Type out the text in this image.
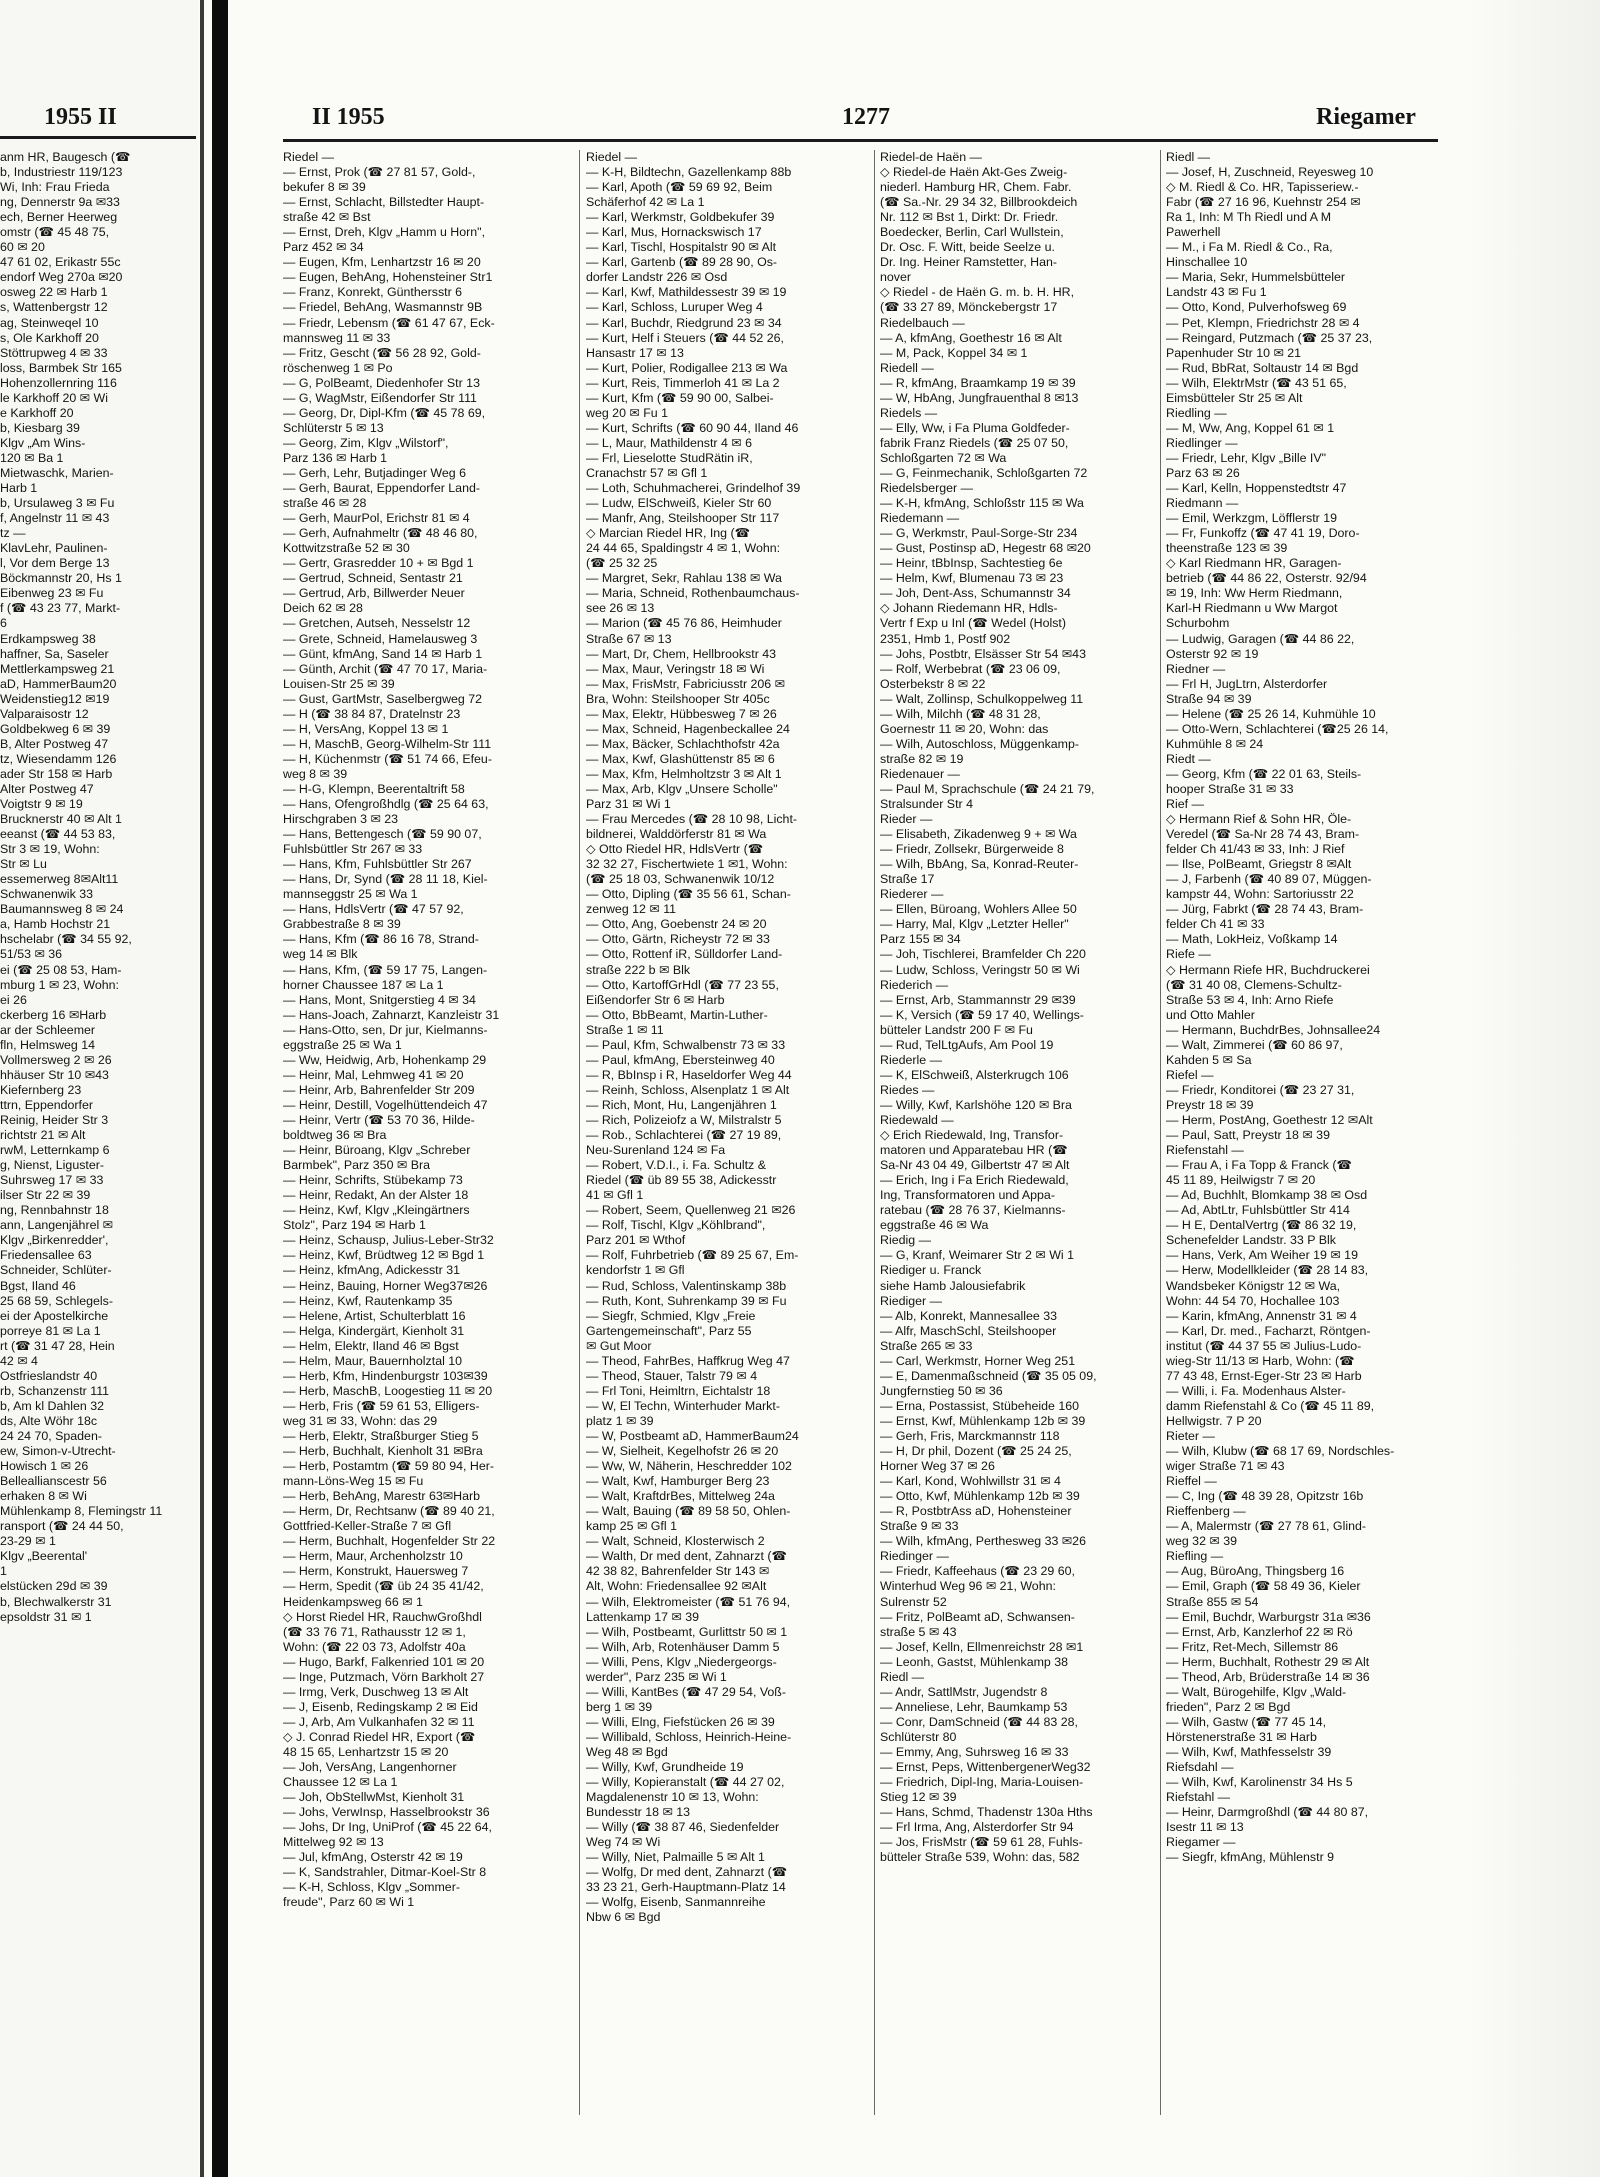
1955 II
anm HR, Baugesch (☎
b, Industriestr 119/123
Wi, Inh: Frau Frieda
ng, Dennerstr 9a ✉33
ech, Berner Heerweg
omstr (☎ 45 48 75,
60 ✉ 20
47 61 02, Erikastr 55c
endorf Weg 270a ✉20
osweg 22 ✉ Harb 1
s, Wattenbergstr 12
ag, Steinweqel 10
s, Ole Karkhoff 20
Stöttrupweg 4 ✉ 33
loss, Barmbek Str 165
Hohenzollernring 116
le Karkhoff 20 ✉ Wi
e Karkhoff 20
b, Kiesbarg 39
Klgv „Am Wins-
120 ✉ Ba 1
Mietwaschk, Marien-
Harb 1
b, Ursulaweg 3 ✉ Fu
f, Angelnstr 11 ✉ 43
tz —
KlavLehr, Paulinen-
l, Vor dem Berge 13
Böckmannstr 20, Hs 1
Eibenweg 23 ✉ Fu
f (☎ 43 23 77, Markt-
6
Erdkampsweg 38
haffner, Sa, Saseler
Mettlerkampsweg 21
aD, HammerBaum20
Weidenstieg12 ✉19
Valparaisostr 12
Goldbekweg 6 ✉ 39
B, Alter Postweg 47
tz, Wiesendamm 126
ader Str 158 ✉ Harb
Alter Postweg 47
Voigtstr 9 ✉ 19
Brucknerstr 40 ✉ Alt 1
eeanst (☎ 44 53 83,
Str 3 ✉ 19, Wohn:
Str ✉ Lu
essemerweg 8✉Alt11
Schwanenwik 33
Baumannsweg 8 ✉ 24
a, Hamb Hochstr 21
hschelabr (☎ 34 55 92,
51/53 ✉ 36
ei (☎ 25 08 53, Ham-
mburg 1 ✉ 23, Wohn:
ei 26
ckerberg 16 ✉Harb
ar der Schleemer
fln, Helmsweg 14
Vollmersweg 2 ✉ 26
hhäuser Str 10 ✉43
Kiefernberg 23
ttrn, Eppendorfer
Reinig, Heider Str 3
richtstr 21 ✉ Alt
rwM, Letternkamp 6
g, Nienst, Liguster-
Suhrsweg 17 ✉ 33
ilser Str 22 ✉ 39
ng, Rennbahnstr 18
ann, Langenjährel ✉
Klgv „Birkenredder',
Friedensallee 63
Schneider, Schlüter-
Bgst, Iland 46
25 68 59, Schlegels-
ei der Apostelkirche
porreye 81 ✉ La 1
rt (☎ 31 47 28, Hein
42 ✉ 4
Ostfrieslandstr 40
rb, Schanzenstr 111
b, Am kl Dahlen 32
ds, Alte Wöhr 18c
24 24 70, Spaden-
ew, Simon-v-Utrecht-
Howisch 1 ✉ 26
Belleallianscestr 56
erhaken 8 ✉ Wi
Mühlenkamp 8, Flemingstr 11
ransport (☎ 24 44 50,
23-29 ✉ 1
Klgv „Beerental'
1
elstücken 29d ✉ 39
b, Blechwalkerstr 31
epsoldstr 31 ✉ 1
II 1955	1277	Riegamer
Riedel —
— Ernst, Prok (☎ 27 81 57, Gold-,
bekufer 8 ✉ 39
— Ernst, Schlacht, Billstedter Haupt-
straße 42 ✉ Bst
— Ernst, Dreh, Klgv „Hamm u Horn",
Parz 452 ✉ 34
— Eugen, Kfm, Lenhartzstr 16 ✉ 20
— Eugen, BehAng, Hohensteiner Str1
— Franz, Konrekt, Günthersstr 6
— Friedel, BehAng, Wasmannstr 9B
— Friedr, Lebensm (☎ 61 47 67, Eck-
mannsweg 11 ✉ 33
— Fritz, Gescht (☎ 56 28 92, Gold-
röschenweg 1 ✉ Po
— G, PolBeamt, Diedenhofer Str 13
— G, WagMstr, Eißendorfer Str 111
— Georg, Dr, Dipl-Kfm (☎ 45 78 69,
Schlüterstr 5 ✉ 13
— Georg, Zim, Klgv „Wilstorf",
Parz 136 ✉ Harb 1
— Gerh, Lehr, Butjadinger Weg 6
— Gerh, Baurat, Eppendorfer Land-
straße 46 ✉ 28
— Gerh, MaurPol, Erichstr 81 ✉ 4
— Gerh, Aufnahmeltr (☎ 48 46 80,
Kottwitzstraße 52 ✉ 30
— Gertr, Grasredder 10 + ✉ Bgd 1
— Gertrud, Schneid, Sentastr 21
— Gertrud, Arb, Billwerder Neuer
Deich 62 ✉ 28
— Gretchen, Autseh, Nesselstr 12
— Grete, Schneid, Hamelausweg 3
— Günt, kfmAng, Sand 14 ✉ Harb 1
— Günth, Archit (☎ 47 70 17, Maria-
Louisen-Str 25 ✉ 39
— Gust, GartMstr, Saselbergweg 72
— H (☎ 38 84 87, Dratelnstr 23
— H, VersAng, Koppel 13 ✉ 1
— H, MaschB, Georg-Wilhelm-Str 111
— H, Küchenmstr (☎ 51 74 66, Efeu-
weg 8 ✉ 39
— H-G, Klempn, Beerentaltrift 58
— Hans, Ofengroßhdlg (☎ 25 64 63,
Hirschgraben 3 ✉ 23
— Hans, Bettengesch (☎ 59 90 07,
Fuhlsbüttler Str 267 ✉ 33
— Hans, Kfm, Fuhlsbüttler Str 267
— Hans, Dr, Synd (☎ 28 11 18, Kiel-
mannseggstr 25 ✉ Wa 1
— Hans, HdlsVertr (☎ 47 57 92,
Grabbestraße 8 ✉ 39
— Hans, Kfm (☎ 86 16 78, Strand-
weg 14 ✉ Blk
— Hans, Kfm, (☎ 59 17 75, Langen-
horner Chaussee 187 ✉ La 1
— Hans, Mont, Snitgerstieg 4 ✉ 34
— Hans-Joach, Zahnarzt, Kanzleistr 31
— Hans-Otto, sen, Dr jur, Kielmanns-
eggstraße 25 ✉ Wa 1
— Ww, Heidwig, Arb, Hohenkamp 29
— Heinr, Mal, Lehmweg 41 ✉ 20
— Heinr, Arb, Bahrenfelder Str 209
— Heinr, Destill, Vogelhüttendeich 47
— Heinr, Vertr (☎ 53 70 36, Hilde-
boldtweg 36 ✉ Bra
— Heinr, Büroang, Klgv „Schreber
Barmbek", Parz 350 ✉ Bra
— Heinr, Schrifts, Stübekamp 73
— Heinr, Redakt, An der Alster 18
— Heinz, Kwf, Klgv „Kleingärtners
Stolz", Parz 194 ✉ Harb 1
— Heinz, Schausp, Julius-Leber-Str32
— Heinz, Kwf, Brüdtweg 12 ✉ Bgd 1
— Heinz, kfmAng, Adickesstr 31
— Heinz, Bauing, Horner Weg37✉26
— Heinz, Kwf, Rautenkamp 35
— Helene, Artist, Schulterblatt 16
— Helga, Kindergärt, Kienholt 31
— Helm, Elektr, Iland 46 ✉ Bgst
— Helm, Maur, Bauernholztal 10
— Herb, Kfm, Hindenburgstr 103✉39
— Herb, MaschB, Loogestieg 11 ✉ 20
— Herb, Fris (☎ 59 61 53, Elligers-
weg 31 ✉ 33, Wohn: das 29
— Herb, Elektr, Straßburger Stieg 5
— Herb, Buchhalt, Kienholt 31 ✉Bra
— Herb, Postamtm (☎ 59 80 94, Her-
mann-Löns-Weg 15 ✉ Fu
— Herb, BehAng, Marestr 63✉Harb
— Herm, Dr, Rechtsanw (☎ 89 40 21,
Gottfried-Keller-Straße 7 ✉ Gfl
— Herm, Buchhalt, Hogenfelder Str 22
— Herm, Maur, Archenholzstr 10
— Herm, Konstrukt, Hauersweg 7
— Herm, Spedit (☎ üb 24 35 41/42,
Heidenkampsweg 66 ✉ 1
◇ Horst Riedel HR, RauchwGroßhdl
(☎ 33 76 71, Rathausstr 12 ✉ 1,
Wohn: (☎ 22 03 73, Adolfstr 40a
— Hugo, Barkf, Falkenried 101 ✉ 20
— Inge, Putzmach, Vörn Barkholt 27
— Irmg, Verk, Duschweg 13 ✉ Alt
— J, Eisenb, Redingskamp 2 ✉ Eid
— J, Arb, Am Vulkanhafen 32 ✉ 11
◇ J. Conrad Riedel HR, Export (☎
48 15 65, Lenhartzstr 15 ✉ 20
— Joh, VersAng, Langenhorner
Chaussee 12 ✉ La 1
— Joh, ObStellwMst, Kienholt 31
— Johs, VerwInsp, Hasselbrookstr 36
— Johs, Dr Ing, UniProf (☎ 45 22 64,
Mittelweg 92 ✉ 13
— Jul, kfmAng, Osterstr 42 ✉ 19
— K, Sandstrahler, Ditmar-Koel-Str 8
— K-H, Schloss, Klgv „Sommer-
freude", Parz 60 ✉ Wi 1
Riedel —
— K-H, Bildtechn, Gazellenkamp 88b
— Karl, Apoth (☎ 59 69 92, Beim
Schäferhof 42 ✉ La 1
— Karl, Werkmstr, Goldbekufer 39
— Karl, Mus, Hornackswisch 17
— Karl, Tischl, Hospitalstr 90 ✉ Alt
— Karl, Gartenb (☎ 89 28 90, Os-
dorfer Landstr 226 ✉ Osd
— Karl, Kwf, Mathildessestr 39 ✉ 19
— Karl, Schloss, Luruper Weg 4
— Karl, Buchdr, Riedgrund 23 ✉ 34
— Kurt, Helf i Steuers (☎ 44 52 26,
Hansastr 17 ✉ 13
— Kurt, Polier, Rodigallee 213 ✉ Wa
— Kurt, Reis, Timmerloh 41 ✉ La 2
— Kurt, Kfm (☎ 59 90 00, Salbei-
weg 20 ✉ Fu 1
— Kurt, Schrifts (☎ 60 90 44, Iland 46
— L, Maur, Mathildenstr 4 ✉ 6
— Frl, Lieselotte StudRätin iR,
Cranachstr 57 ✉ Gfl 1
— Loth, Schuhmacherei, Grindelhof 39
— Ludw, ElSchweiß, Kieler Str 60
— Manfr, Ang, Steilshooper Str 117
◇ Marcian Riedel HR, Ing (☎
24 44 65, Spaldingstr 4 ✉ 1, Wohn:
(☎ 25 32 25
— Margret, Sekr, Rahlau 138 ✉ Wa
— Maria, Schneid, Rothenbaumchaus-
see 26 ✉ 13
— Marion (☎ 45 76 86, Heimhuder
Straße 67 ✉ 13
— Mart, Dr, Chem, Hellbrookstr 43
— Max, Maur, Veringstr 18 ✉ Wi
— Max, FrisMstr, Fabriciusstr 206 ✉
Bra, Wohn: Steilshooper Str 405c
— Max, Elektr, Hübbesweg 7 ✉ 26
— Max, Schneid, Hagenbeckallee 24
— Max, Bäcker, Schlachthofstr 42a
— Max, Kwf, Glashüttenstr 85 ✉ 6
— Max, Kfm, Helmholtzstr 3 ✉ Alt 1
— Max, Arb, Klgv „Unsere Scholle"
Parz 31 ✉ Wi 1
— Frau Mercedes (☎ 28 10 98, Licht-
bildnerei, Walddörferstr 81 ✉ Wa
◇ Otto Riedel HR, HdlsVertr (☎
32 32 27, Fischertwiete 1 ✉1, Wohn:
(☎ 25 18 03, Schwanenwik 10/12
— Otto, Dipling (☎ 35 56 61, Schan-
zenweg 12 ✉ 11
— Otto, Ang, Goebenstr 24 ✉ 20
— Otto, Gärtn, Richeystr 72 ✉ 33
— Otto, Rottenf iR, Sülldorfer Land-
straße 222 b ✉ Blk
— Otto, KartoffGrHdl (☎ 77 23 55,
Eißendorfer Str 6 ✉ Harb
— Otto, BbBeamt, Martin-Luther-
Straße 1 ✉ 11
— Paul, Kfm, Schwalbenstr 73 ✉ 33
— Paul, kfmAng, Ebersteinweg 40
— R, BbInsp i R, Haseldorfer Weg 44
— Reinh, Schloss, Alsenplatz 1 ✉ Alt
— Rich, Mont, Hu, Langenjähren 1
— Rich, Polizeiofz a W, Milstralstr 5
— Rob., Schlachterei (☎ 27 19 89,
Neu-Surenland 124 ✉ Fa
— Robert, V.D.I., i. Fa. Schultz &
Riedel (☎ üb 89 55 38, Adickesstr
41 ✉ Gfl 1
— Robert, Seem, Quellenweg 21 ✉26
— Rolf, Tischl, Klgv „Köhlbrand",
Parz 201 ✉ Wthof
— Rolf, Fuhrbetrieb (☎ 89 25 67, Em-
kendorfstr 1 ✉ Gfl
— Rud, Schloss, Valentinskamp 38b
— Ruth, Kont, Suhrenkamp 39 ✉ Fu
— Siegfr, Schmied, Klgv „Freie
Gartengemeinschaft", Parz 55
✉ Gut Moor
— Theod, FahrBes, Haffkrug Weg 47
— Theod, Stauer, Talstr 79 ✉ 4
— Frl Toni, Heimltrn, Eichtalstr 18
— W, El Techn, Winterhuder Markt-
platz 1 ✉ 39
— W, Postbeamt aD, HammerBaum24
— W, Sielheit, Kegelhofstr 26 ✉ 20
— Ww, W, Näherin, Heschredder 102
— Walt, Kwf, Hamburger Berg 23
— Walt, KraftdrBes, Mittelweg 24a
— Walt, Bauing (☎ 89 58 50, Ohlen-
kamp 25 ✉ Gfl 1
— Walt, Schneid, Klosterwisch 2
— Walth, Dr med dent, Zahnarzt (☎
42 38 82, Bahrenfelder Str 143 ✉
Alt, Wohn: Friedensallee 92 ✉Alt
— Wilh, Elektromeister (☎ 51 76 94,
Lattenkamp 17 ✉ 39
— Wilh, Postbeamt, Gurlittstr 50 ✉ 1
— Wilh, Arb, Rotenhäuser Damm 5
— Willi, Pens, Klgv „Niedergeorgs-
werder", Parz 235 ✉ Wi 1
— Willi, KantBes (☎ 47 29 54, Voß-
berg 1 ✉ 39
— Willi, Elng, Fiefstücken 26 ✉ 39
— Willibald, Schloss, Heinrich-Heine-
Weg 48 ✉ Bgd
— Willy, Kwf, Grundheide 19
— Willy, Kopieranstalt (☎ 44 27 02,
Magdalenenstr 10 ✉ 13, Wohn:
Bundesstr 18 ✉ 13
— Willy (☎ 38 87 46, Siedenfelder
Weg 74 ✉ Wi
— Willy, Niet, Palmaille 5 ✉ Alt 1
— Wolfg, Dr med dent, Zahnarzt (☎
33 23 21, Gerh-Hauptmann-Platz 14
— Wolfg, Eisenb, Sanmannreihe
Nbw 6 ✉ Bgd
Riedel-de Haën —
◇ Riedel-de Haën Akt-Ges Zweig-
niederl. Hamburg HR, Chem. Fabr.
(☎ Sa.-Nr. 29 34 32, Billbrookdeich
Nr. 112 ✉ Bst 1, Dirkt: Dr. Friedr.
Boedecker, Berlin, Carl Wullstein,
Dr. Osc. F. Witt, beide Seelze u.
Dr. Ing. Heiner Ramstetter, Han-
nover
◇ Riedel - de Haën G. m. b. H. HR,
(☎ 33 27 89, Mönckebergstr 17
Riedelbauch —
— A, kfmAng, Goethestr 16 ✉ Alt
— M, Pack, Koppel 34 ✉ 1
Riedell —
— R, kfmAng, Braamkamp 19 ✉ 39
— W, HbAng, Jungfrauenthal 8 ✉13
Riedels —
— Elly, Ww, i Fa Pluma Goldfeder-
fabrik Franz Riedels (☎ 25 07 50,
Schloßgarten 72 ✉ Wa
— G, Feinmechanik, Schloßgarten 72
Riedelsberger —
— K-H, kfmAng, Schloßstr 115 ✉ Wa
Riedemann —
— G, Werkmstr, Paul-Sorge-Str 234
— Gust, Postinsp aD, Hegestr 68 ✉20
— Heinr, tBbInsp, Sachtestieg 6e
— Helm, Kwf, Blumenau 73 ✉ 23
— Joh, Dent-Ass, Schumannstr 34
◇ Johann Riedemann HR, Hdls-
Vertr f Exp u Inl (☎ Wedel (Holst)
2351, Hmb 1, Postf 902
— Johs, Postbtr, Elsässer Str 54 ✉43
— Rolf, Werbebrat (☎ 23 06 09,
Osterbekstr 8 ✉ 22
— Walt, Zollinsp, Schulkoppelweg 11
— Wilh, Milchh (☎ 48 31 28,
Goernestr 11 ✉ 20, Wohn: das
— Wilh, Autoschloss, Müggenkamp-
straße 82 ✉ 19
Riedenauer —
— Paul M, Sprachschule (☎ 24 21 79,
Stralsunder Str 4
Rieder —
— Elisabeth, Zikadenweg 9 + ✉ Wa
— Friedr, Zollsekr, Bürgerweide 8
— Wilh, BbAng, Sa, Konrad-Reuter-
Straße 17
Riederer —
— Ellen, Büroang, Wohlers Allee 50
— Harry, Mal, Klgv „Letzter Heller"
Parz 155 ✉ 34
— Joh, Tischlerei, Bramfelder Ch 220
— Ludw, Schloss, Veringstr 50 ✉ Wi
Riederich —
— Ernst, Arb, Stammannstr 29 ✉39
— K, Versich (☎ 59 17 40, Wellings-
bütteler Landstr 200 F ✉ Fu
— Rud, TelLtgAufs, Am Pool 19
Riederle —
— K, ElSchweiß, Alsterkrugch 106
Riedes —
— Willy, Kwf, Karlshöhe 120 ✉ Bra
Riedewald —
◇ Erich Riedewald, Ing, Transfor-
matoren und Apparatebau HR (☎
Sa-Nr 43 04 49, Gilbertstr 47 ✉ Alt
— Erich, Ing i Fa Erich Riedewald,
Ing, Transformatoren und Appa-
ratebau (☎ 28 76 37, Kielmanns-
eggstraße 46 ✉ Wa
Riedig —
— G, Kranf, Weimarer Str 2 ✉ Wi 1
Riediger u. Franck
siehe Hamb Jalousiefabrik
Riediger —
— Alb, Konrekt, Mannesallee 33
— Alfr, MaschSchl, Steilshooper
Straße 265 ✉ 33
— Carl, Werkmstr, Horner Weg 251
— E, Damenmaßschneid (☎ 35 05 09,
Jungfernstieg 50 ✉ 36
— Erna, Postassist, Stübeheide 160
— Ernst, Kwf, Mühlenkamp 12b ✉ 39
— Gerh, Fris, Marckmannstr 118
— H, Dr phil, Dozent (☎ 25 24 25,
Horner Weg 37 ✉ 26
— Karl, Kond, Wohlwillstr 31 ✉ 4
— Otto, Kwf, Mühlenkamp 12b ✉ 39
— R, PostbtrAss aD, Hohensteiner
Straße 9 ✉ 33
— Wilh, kfmAng, Perthesweg 33 ✉26
Riedinger —
— Friedr, Kaffeehaus (☎ 23 29 60,
Winterhud Weg 96 ✉ 21, Wohn:
Sulrenstr 52
— Fritz, PolBeamt aD, Schwansen-
straße 5 ✉ 43
— Josef, Kelln, Ellmenreichstr 28 ✉1
— Leonh, Gastst, Mühlenkamp 38
Riedl —
— Andr, SattlMstr, Jugendstr 8
— Anneliese, Lehr, Baumkamp 53
— Conr, DamSchneid (☎ 44 83 28,
Schlüterstr 80
— Emmy, Ang, Suhrsweg 16 ✉ 33
— Ernst, Peps, WittenbergenerWeg32
— Friedrich, Dipl-Ing, Maria-Louisen-
Stieg 12 ✉ 39
— Hans, Schmd, Thadenstr 130a Hths
— Frl Irma, Ang, Alsterdorfer Str 94
— Jos, FrisMstr (☎ 59 61 28, Fuhls-
bütteler Straße 539, Wohn: das, 582
Riedl —
— Josef, H, Zuschneid, Reyesweg 10
◇ M. Riedl & Co. HR, Tapisseriew.-
Fabr (☎ 27 16 96, Kuehnstr 254 ✉
Ra 1, Inh: M Th Riedl und A M
Pawerhell
— M., i Fa M. Riedl & Co., Ra,
Hinschallee 10
— Maria, Sekr, Hummelsbütteler
Landstr 43 ✉ Fu 1
— Otto, Kond, Pulverhofsweg 69
— Pet, Klempn, Friedrichstr 28 ✉ 4
— Reingard, Putzmach (☎ 25 37 23,
Papenhuder Str 10 ✉ 21
— Rud, BbRat, Soltaustr 14 ✉ Bgd
— Wilh, ElektrMstr (☎ 43 51 65,
Eimsbütteler Str 25 ✉ Alt
Riedling —
— M, Ww, Ang, Koppel 61 ✉ 1
Riedlinger —
— Friedr, Lehr, Klgv „Bille IV"
Parz 63 ✉ 26
— Karl, Kelln, Hoppenstedtstr 47
Riedmann —
— Emil, Werkzgm, Löfflerstr 19
— Fr, Funkoffz (☎ 47 41 19, Doro-
theenstraße 123 ✉ 39
◇ Karl Riedmann HR, Garagen-
betrieb (☎ 44 86 22, Osterstr. 92/94
✉ 19, Inh: Ww Herm Riedmann,
Karl-H Riedmann u Ww Margot
Schurbohm
— Ludwig, Garagen (☎ 44 86 22,
Osterstr 92 ✉ 19
Riedner —
— Frl H, JugLtrn, Alsterdorfer
Straße 94 ✉ 39
— Helene (☎ 25 26 14, Kuhmühle 10
— Otto-Wern, Schlachterei (☎25 26 14,
Kuhmühle 8 ✉ 24
Riedt —
— Georg, Kfm (☎ 22 01 63, Steils-
hooper Straße 31 ✉ 33
Rief —
◇ Hermann Rief & Sohn HR, Öle-
Veredel (☎ Sa-Nr 28 74 43, Bram-
felder Ch 41/43 ✉ 33, Inh: J Rief
— Ilse, PolBeamt, Griegstr 8 ✉Alt
— J, Farbenh (☎ 40 89 07, Müggen-
kampstr 44, Wohn: Sartoriusstr 22
— Jürg, Fabrkt (☎ 28 74 43, Bram-
felder Ch 41 ✉ 33
— Math, LokHeiz, Voßkamp 14
Riefe —
◇ Hermann Riefe HR, Buchdruckerei
(☎ 31 40 08, Clemens-Schultz-
Straße 53 ✉ 4, Inh: Arno Riefe
und Otto Mahler
— Hermann, BuchdrBes, Johnsallee24
— Walt, Zimmerei (☎ 60 86 97,
Kahden 5 ✉ Sa
Riefel —
— Friedr, Konditorei (☎ 23 27 31,
Preystr 18 ✉ 39
— Herm, PostAng, Goethestr 12 ✉Alt
— Paul, Satt, Preystr 18 ✉ 39
Riefenstahl —
— Frau A, i Fa Topp & Franck (☎
45 11 89, Heilwigstr 7 ✉ 20
— Ad, Buchhlt, Blomkamp 38 ✉ Osd
— Ad, AbtLtr, Fuhlsbüttler Str 414
— H E, DentalVertrg (☎ 86 32 19,
Schenefelder Landstr. 33 P Blk
— Hans, Verk, Am Weiher 19 ✉ 19
— Herw, Modellkleider (☎ 28 14 83,
Wandsbeker Königstr 12 ✉ Wa,
Wohn: 44 54 70, Hochallee 103
— Karin, kfmAng, Annenstr 31 ✉ 4
— Karl, Dr. med., Facharzt, Röntgen-
institut (☎ 44 37 55 ✉ Julius-Ludo-
wieg-Str 11/13 ✉ Harb, Wohn: (☎
77 43 48, Ernst-Eger-Str 23 ✉ Harb
— Willi, i. Fa. Modenhaus Alster-
damm Riefenstahl & Co (☎ 45 11 89,
Hellwigstr. 7 P 20
Rieter —
— Wilh, Klubw (☎ 68 17 69, Nordschles-
wiger Straße 71 ✉ 43
Rieffel —
— C, Ing (☎ 48 39 28, Opitzstr 16b
Rieffenberg —
— A, Malermstr (☎ 27 78 61, Glind-
weg 32 ✉ 39
Riefling —
— Aug, BüroAng, Thingsberg 16
— Emil, Graph (☎ 58 49 36, Kieler
Straße 855 ✉ 54
— Emil, Buchdr, Warburgstr 31a ✉36
— Ernst, Arb, Kanzlerhof 22 ✉ Rö
— Fritz, Ret-Mech, Sillemstr 86
— Herm, Buchhalt, Rothestr 29 ✉ Alt
— Theod, Arb, Brüderstraße 14 ✉ 36
— Walt, Bürogehilfe, Klgv „Wald-
frieden", Parz 2 ✉ Bgd
— Wilh, Gastw (☎ 77 45 14,
Hörstenerstraße 31 ✉ Harb
— Wilh, Kwf, Mathfesselstr 39
Riefsdahl —
— Wilh, Kwf, Karolinenstr 34 Hs 5
Riefstahl —
— Heinr, Darmgroßhdl (☎ 44 80 87,
Isestr 11 ✉ 13
Riegamer —
— Siegfr, kfmAng, Mühlenstr 9
